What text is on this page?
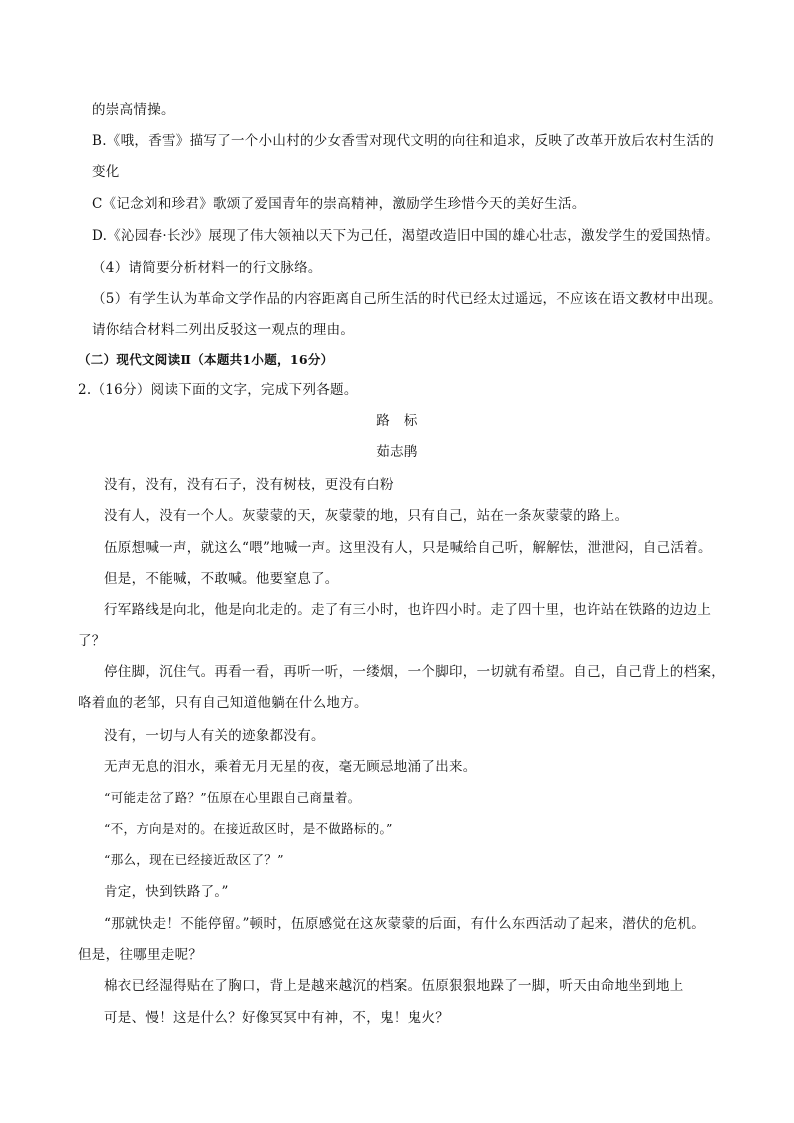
的崇高情操。
B.《哦，香雪》描写了一个小山村的少女香雪对现代文明的向往和追求，反映了改革开放后农村生活的
变化
C《记念刘和珍君》歌颂了爱国青年的崇高精神，激励学生珍惜今天的美好生活。
D.《沁园春·长沙》展现了伟大领袖以天下为己任，渴望改造旧中国的雄心壮志，激发学生的爱国热情。
（4）请简要分析材料一的行文脉络。
（5）有学生认为革命文学作品的内容距离自己所生活的时代已经太过遥远，不应该在语文教材中出现。
请你结合材料二列出反驳这一观点的理由。
（二）现代文阅读Ⅱ（本题共1小题，16分）
2.（16分）阅读下面的文字，完成下列各题。
路　标
茹志鹃
没有，没有，没有石子，没有树枝，更没有白粉
没有人，没有一个人。灰蒙蒙的天，灰蒙蒙的地，只有自己，站在一条灰蒙蒙的路上。
伍原想喊一声，就这么“喂”地喊一声。这里没有人，只是喊给自己听，解解怯，泄泄闷，自己活着。
但是，不能喊，不敢喊。他要窒息了。
行军路线是向北，他是向北走的。走了有三小时，也许四小时。走了四十里，也许站在铁路的边边上
了？
停住脚，沉住气。再看一看，再听一听，一缕烟，一个脚印，一切就有希望。自己，自己背上的档案，
咯着血的老邹，只有自己知道他躺在什么地方。
没有，一切与人有关的迹象都没有。
无声无息的泪水，乘着无月无星的夜，毫无顾忌地涌了出来。
“可能走岔了路？”伍原在心里跟自己商量着。
“不，方向是对的。在接近敌区时，是不做路标的。”
“那么，现在已经接近敌区了？”
肯定，快到铁路了。”
“那就快走！不能停留。”顿时，伍原感觉在这灰蒙蒙的后面，有什么东西活动了起来，潜伏的危机。
但是，往哪里走呢？
棉衣已经湿得贴在了胸口，背上是越来越沉的档案。伍原狠狠地跺了一脚，听天由命地坐到地上
可是、慢！这是什么？好像冥冥中有神，不，鬼！鬼火？
